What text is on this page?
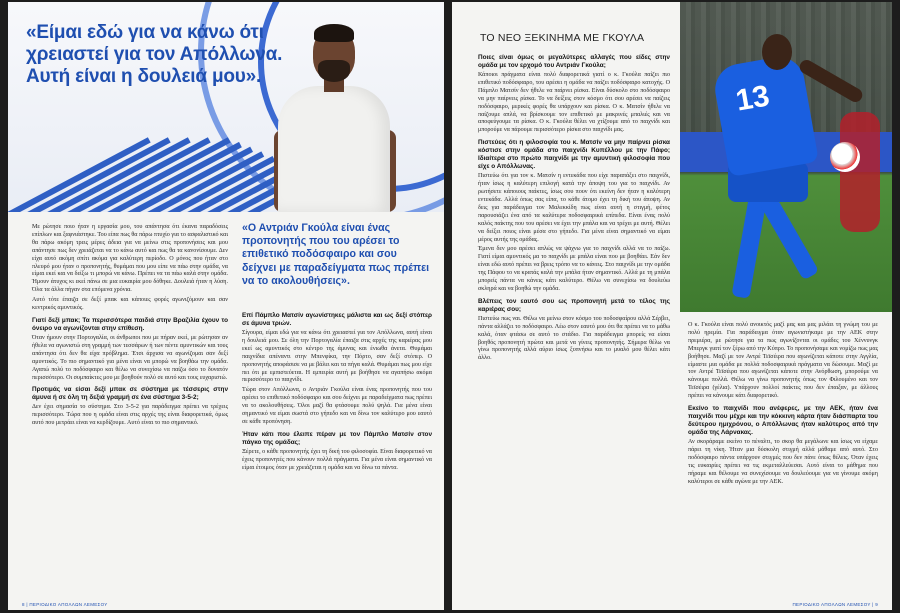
«Είμαι εδώ για να κάνω ότι χρειαστεί για τον Απόλλωνα. Αυτή είναι η δουλειά μου».

Με ρώτησε ποιο ήταν η εργασία μου, του απάντησα ότι έκανα παραδόσεις επίπλων και ξαφνιάστηκε. Του είπα πως θα πάρω πτυχίο για το ασφαλιστικό και θα πάρω ακόμη τρεις μέρες άδεια για να μείνω στις προπονήσεις και μου απάντησε πως δεν χρειάζεται να το κάνω αυτό και πως θα τα κανονίσουμε. Δεν είχα αυτό ακόμη σπίτι ακόμα για καλύτερη περίοδο. Ο μόνος που ήταν στο πλευρό μου ήταν ο προπονητής, θυμάμαι που μου είπε να πάω στην ομάδα, να είμαι εκεί και να δείξω τι μπορώ να κάνω. Πρέπει να τα πάω καλά στην ομάδα. Ήμουν άτυχος κι εκεί πάνω σε μια ευκαιρία μου δόθηκε. Δουλειά ήταν η λύση. Όλα τα άλλα πήγαν στα επόμενα χρόνια.

Αυτό τότε έπαιζα σε δεξί μπακ και κάποιες φορές αγωνιζόμουν και σαν κεντρικός αμυντικός.

Γιατί δεξί μπακ; Τα περισσότερα παιδιά στην Βραζιλία έχουν το όνειρο να αγωνίζονται στην επίθεση.

Όταν ήμουν στην Πορτογαλία, οι άνθρωποι που με πήραν εκεί, με ρώτησαν αν ήθελα να αγωνιστώ στη γραμμή των τεσσάρων ή των πέντε αμυντικών και τους απάντησα ότι δεν θα είχα πρόβλημα. Έτσι άρχισα να αγωνίζομαι σαν δεξί αμυντικός. Το πιο σημαντικό για μένα είναι να μπορώ να βοηθάω την ομάδα. Αγαπώ πολύ το ποδόσφαιρο και θέλω να συνεχίσω να παίζω όσο το δυνατόν περισσότερο. Οι συμπαίκτες μου με βοηθούν πολύ σε αυτό και τους ευχαριστώ.

Προτιμάς να είσαι δεξί μπακ σε σύστημα με τέσσερις στην άμυνα ή σε όλη τη δεξιά γραμμή σε ένα σύστημα 3-5-2;

Δεν έχει σημασία το σύστημα. Στο 3-5-2 για παράδειγμα πρέπει να τρέχεις περισσότερο. Τώρα που η ομάδα είναι στις αρχές της είναι διαφορετικά, όμως αυτό που μετράει είναι να κερδίζουμε. Αυτό είναι το πιο σημαντικό.

«Ο Αντριάν Γκούλα είναι ένας προπονητής που του αρέσει το επιθετικό ποδόσφαιρο και σου δείχνει με παραδείγματα πως πρέπει να το ακολουθήσεις».
Επί Πάμπλο Ματσίν αγωνίστηκες μάλιστα και ως δεξί στόπερ σε άμυνα τριών.

Σίγουρα, είμαι εδώ για να κάνω ότι χρειαστεί για τον Απόλλωνα, αυτή είναι η δουλειά μου. Σε όλη την Πορτογαλία έπαιζα στις αρχές της καριέρας μου εκεί ως αμυντικός στο κέντρο της άμυνας και ένιωθα άνετα. Θυμάμαι παιχνίδια απέναντι στην Μπενφίκα, την Πόρτο, σαν δεξί στόπερ. Ο προπονητής αποφάσισε να με βάλει και τα πήγα καλά. Θυμάμαι πως μου είχε πει ότι με εμπιστεύεται. Η εμπειρία αυτή με βοήθησε να αγαπήσω ακόμα περισσότερο το παιχνίδι.

Τώρα στον Απόλλωνα, ο Αντριάν Γκούλα είναι ένας προπονητής που του αρέσει το επιθετικό ποδόσφαιρο και σου δείχνει με παραδείγματα πως πρέπει να το ακολουθήσεις. Όλοι μαζί θα φτάσουμε πολύ ψηλά. Για μένα είναι σημαντικό να είμαι σωστά στο γήπεδο και να δίνω τον καλύτερο μου εαυτό σε κάθε προπόνηση.

Ήταν κάτι που έλειπε πέραν με τον Πάμπλο Ματσίν στον πάγκο της ομάδας;

Ξέρετε, ο κάθε προπονητής έχει τη δική του φιλοσοφία. Είναι διαφορετικό να έχεις προπονητές που κάνουν πολλά πράγματα. Για μένα είναι σημαντικό να είμαι έτοιμος όταν με χρειάζεται η ομάδα και να δίνω τα πάντα.

8 | ΠΕΡΙΟΔΙΚΟ ΑΠΟΛΛΩΝ ΛΕΜΕΣΟΥ
ΤΟ ΝΕΟ ΞΕΚΙΝΗΜΑ ΜΕ ΓΚΟΥΛΑ
Ποιες είναι όμως οι μεγαλύτερες αλλαγές που είδες στην ομάδα με τον ερχομό του Αντριάν Γκούλα;

Κάποιοι πράγματα είναι πολύ διαφορετικά γιατί ο κ. Γκούλα παίζει πιο επιθετικό ποδόσφαιρο, του αρέσει η ομάδα να παίζει ποδόσφαιρο κατοχής. Ο Πάμπλο Ματσίν δεν ήθελε να παίρνει ρίσκα. Είναι δύσκολο στο ποδόσφαιρο να μην παίρνεις ρίσκα. Το να δείξεις στον κόσμο ότι σου αρέσει να παίζεις ποδόσφαιρο, μερικές φορές θα υπάρχουν και ρίσκα. Ο κ. Ματσίν ήθελε να παίζουμε απλά, να βρίσκουμε τον επιθετικό με μακρινές μπαλιές και να αποφεύγουμε τα ρίσκα. Ο κ. Γκούλα θέλει να χτίζουμε από το παιχνίδι και μπορούμε να πάρουμε περισσότερο ρίσκα στο παιχνίδι μας.

Πιστεύεις ότι η φιλοσοφία του κ. Ματσίν να μην παίρνει ρίσκα κόστισε στην ομάδα στο παιχνίδι Κυπέλλου με την Πάφο; Ιδιαίτερα στο πρώτο παιχνίδι με την αμυντική φιλοσοφία που είχε ο Απόλλωνας.

Πιστεύω ότι για τον κ. Ματσίν η εντεκάδα που είχε παραπάξει στο παιχνίδι, ήταν ίσως η καλύτερη επιλογή κατά την άποψη του για το παιχνίδι. Αν ρωτήσετε κάποιους παίκτες, ίσως σου πουν ότι εκείνη δεν ήταν η καλύτερη εντεκάδα. Αλλά όπως σας είπα, το κάθε άτομο έχει τη δική του άποψη. Αν δεις για παράδειγμα τον Μαλεκκίδη πως είναι αυτή η στιγμή, φέτος παρουσιάζει ένα από τα καλύτερα ποδοσφαιρικά επίπεδα. Είναι ένας πολύ καλός παίκτης που του αρέσει να έχει την μπάλα και να τρέχει με αυτή. Θέλει να δείξει ποιος είναι μέσα στο γήπεδο. Για μένα είναι σημαντικό να είμαι μέρος αυτής της ομάδας.

Έμενα δεν μου αρέσει απλώς να ψάχνω για το παιχνίδι αλλά να το παίζω. Γιατί είμαι αμυντικός μα το παιχνίδι με μπάλα είναι που με βοηθάει. Εάν δεν είναι εδώ αυτό πρέπει να βρεις τρόπο να το κάνεις. Στο παιχνίδι με την ομάδα της Πάφου το να κρατάς καλά την μπάλα ήταν σημαντικό. Αλλά με τη μπάλα μπορείς πάντα να κάνεις κάτι καλύτερο. Θέλω να συνεχίσω να δουλεύω σκληρά και να βοηθώ την ομάδα.

Βλέπεις τον εαυτό σου ως προπονητή μετά το τέλος της καριέρας σου;

Πιστεύω πως ναι. Θέλω να μείνω στον κόσμο του ποδοσφαίρου αλλά Σέρβει, πάντα αλλάζει το ποδόσφαιρο. Λέω στον εαυτό μου ότι θα πρέπει να το μάθω καλά, όταν φτάσω σε αυτό το στάδιο. Για παράδειγμα μπορείς να είσαι βοηθός προπονητή πρώτα και μετά να γίνεις προπονητής. Σήμερα θέλω να γίνω προπονητής αλλά αύριο ίσως ξυπνήσω και το μυαλό μου θέλει κάτι άλλο.

13

Ο κ. Γκούλα είναι πολύ ανοικτός μαζί μας και μας μιλάει τη γνώμη του με πολύ ηρεμία. Για παράδειγμα όταν αγωνιστήκαμε με την ΑΕΚ στην πρεμιέρα, με ρώτησε για τα πως αγωνίζονται οι ομάδες του Χέννυνγκ Μπεργκ γιατί τον ξέρω από την Κύπρο. Το προπονήσαμε και νομίζω πως μας βοήθησε. Μαζί με τον Αντρέ Τεϊσέιρα που αγωνίζεται κάποτε στην Αγγλία, είμαστε μια ομάδα με πολλά ποδοσφαιρικά πράγματα να δώσουμε. Μαζί με τον Αντρέ Τεϊσέιρα που αγωνίζεται κάποτε στην Ανόρθωση, μπορούμε να κάνουμε πολλά. Θέλω να γίνω προπονητής όπως τον Φιλουμένο και τον Τεϊσέιρα (γέλια). Υπάρχουν πολλοί παίκτες που δεν έπαιξαν, με άλλους πρέπει να κάνουμε κάτι διαφορετικό.

Εκείνο το παιχνίδι που ανέφερες, με την ΑΕΚ, ήταν ένα παιχνίδι που μέχρι και την κόκκινη κάρτα ήταν διάσπαρτα του δεύτερου ημιχρόνου, ο Απόλλωνας ήταν καλύτερος από την ομάδα της Λάρνακας.

Αν σκοράραμε εκείνο το πέναλτι, το σκορ θα μεγάλωνε και ίσως να είχαμε πάρει τη νίκη. Ήταν μια δύσκολη στιγμή αλλά μάθαμε από αυτό. Στο ποδόσφαιρο πάντα υπάρχουν στιγμές που δεν πάνε όπως θέλεις. Όταν έχεις τις ευκαιρίες πρέπει να τις εκμεταλλεύεσαι. Αυτό είναι το μάθημα που πήραμε και θέλουμε να συνεχίσουμε να δουλεύουμε για να γίνουμε ακόμη καλύτεροι σε κάθε αγώνα με την ΑΕΚ.

ΠΕΡΙΟΔΙΚΟ ΑΠΟΛΛΩΝ ΛΕΜΕΣΟΥ | 9
